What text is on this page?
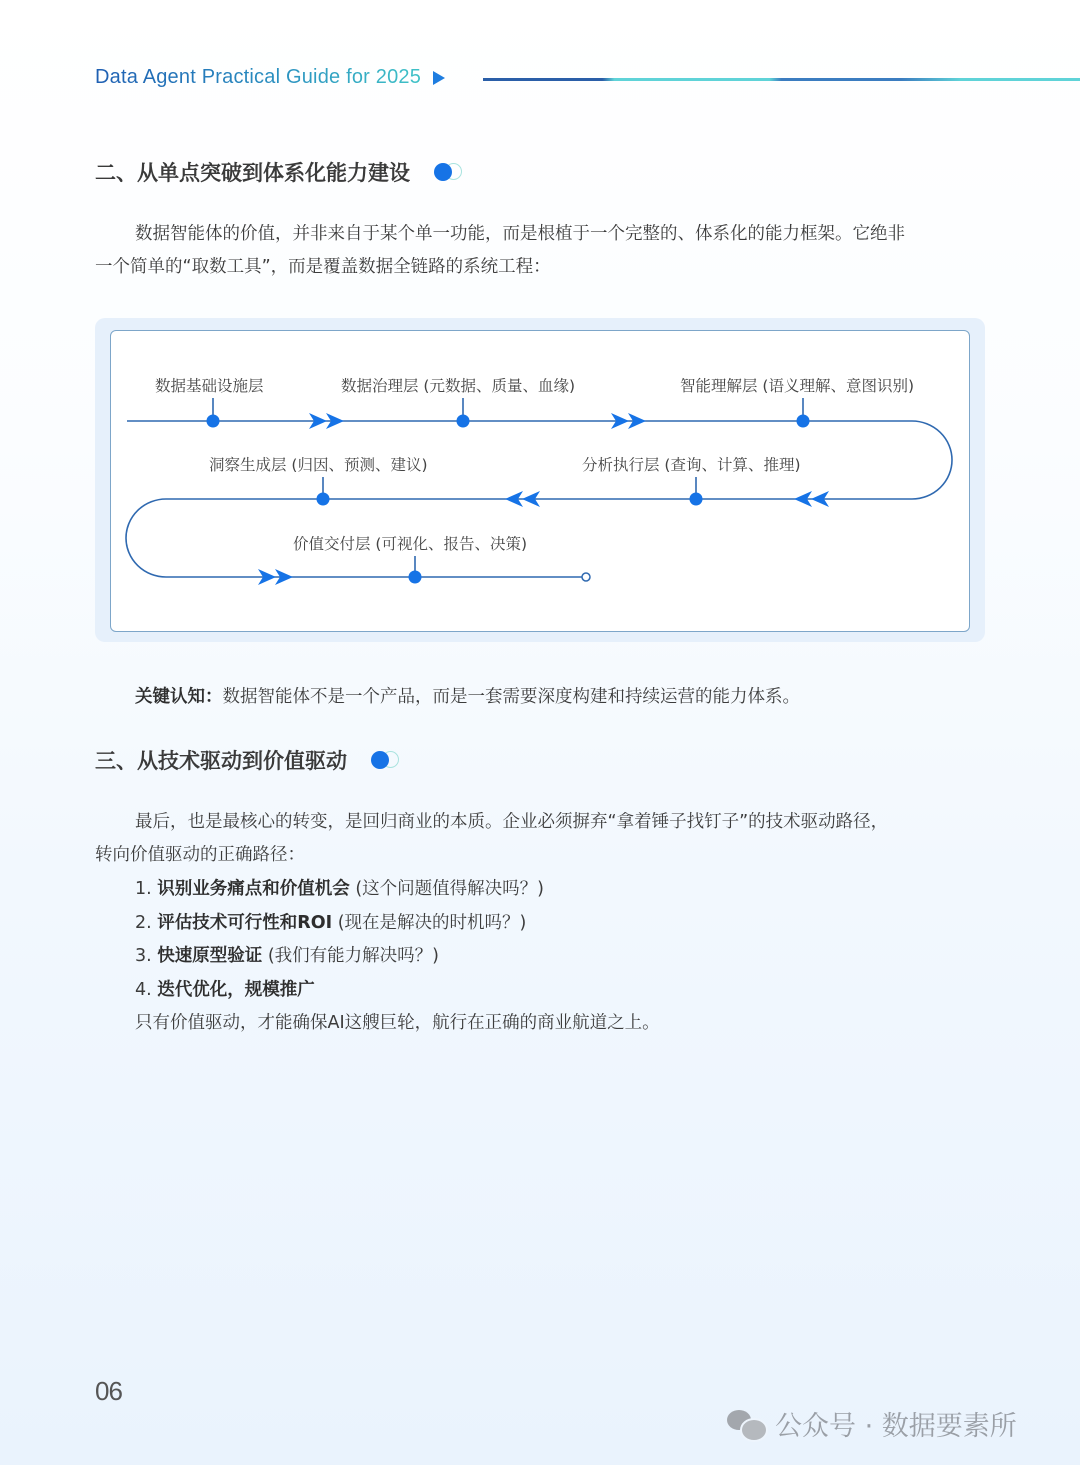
Data Agent Practical Guide for 2025
二、从单点突破到体系化能力建设
数据智能体的价值，并非来自于某个单一功能，而是根植于一个完整的、体系化的能力框架。它绝非
一个简单的“取数工具”，而是覆盖数据全链路的系统工程：
数据基础设施层	数据治理层 (元数据、质量、血缘)	智能理解层 (语义理解、意图识别)
分析执行层 (查询、计算、推理)
洞察生成层 (归因、预测、建议)
价值交付层 (可视化、报告、决策)
关键认知：数据智能体不是一个产品，而是一套需要深度构建和持续运营的能力体系。
三、从技术驱动到价值驱动
最后，也是最核心的转变，是回归商业的本质。企业必须摒弃“拿着锤子找钉子”的技术驱动路径，
转向价值驱动的正确路径：
1. 识别业务痛点和价值机会 (这个问题值得解决吗？)
2. 评估技术可行性和ROI (现在是解决的时机吗？)
3. 快速原型验证 (我们有能力解决吗？)
4. 迭代优化，规模推广
只有价值驱动，才能确保AI这艘巨轮，航行在正确的商业航道之上。
06
公众号 · 数据要素所
